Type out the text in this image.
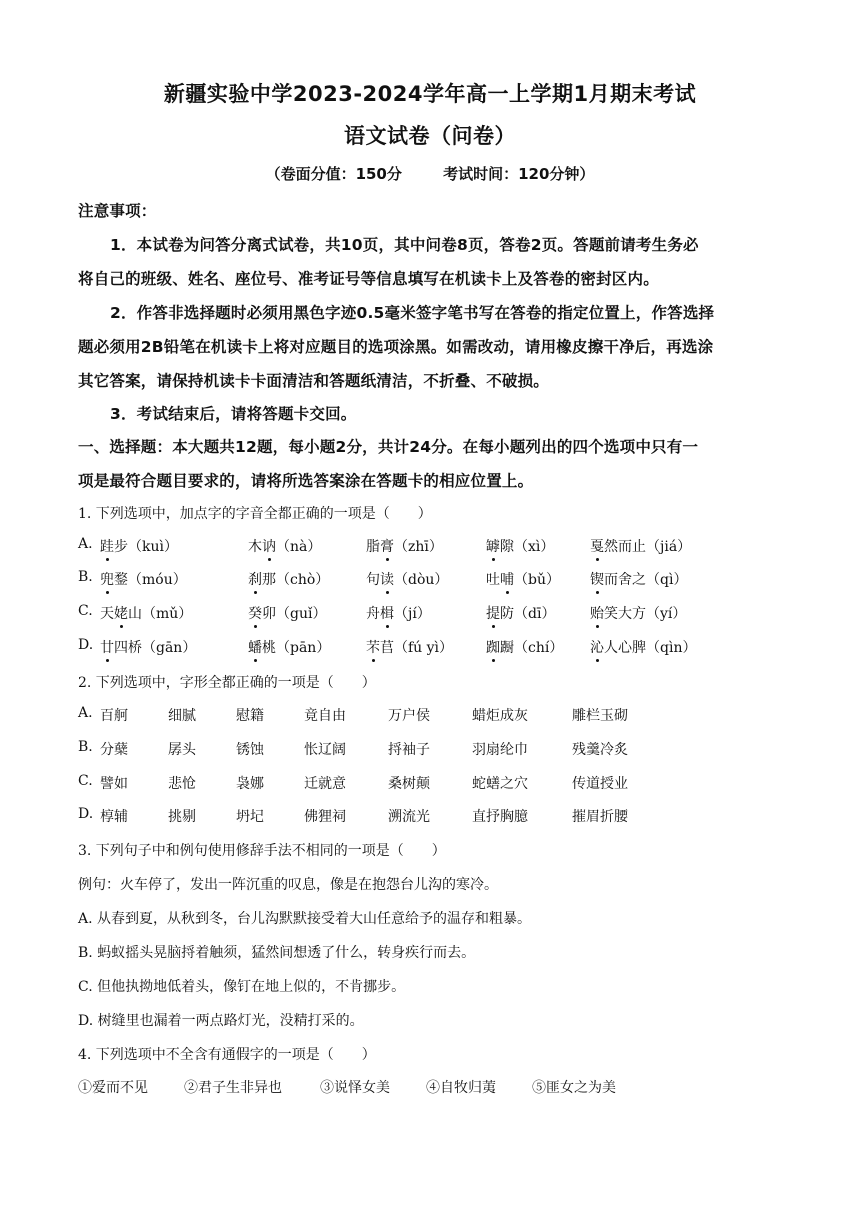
新疆实验中学2023-2024学年高一上学期1月期末考试
语文试卷（问卷）
（卷面分值：150分	考试时间：120分钟）
注意事项：
1．本试卷为问答分离式试卷，共10页，其中问卷8页，答卷2页。答题前请考生务必
将自己的班级、姓名、座位号、准考证号等信息填写在机读卡上及答卷的密封区内。
2．作答非选择题时必须用黑色字迹0.5毫米签字笔书写在答卷的指定位置上，作答选择
题必须用2B铅笔在机读卡上将对应题目的选项涂黑。如需改动，请用橡皮擦干净后，再选涂
其它答案，请保持机读卡卡面清洁和答题纸清洁，不折叠、不破损。
3．考试结束后，请将答题卡交回。
一、选择题：本大题共12题，每小题2分，共计24分。在每小题列出的四个选项中只有一
项是最符合题目要求的，请将所选答案涂在答题卡的相应位置上。
1. 下列选项中，加点字的字音全都正确的一项是（　　）
A. 跬步（kuì）	木讷（nà）	脂膏（zhī）	罅隙（xì）	戛然而止（jiá）
B. 兜鍪（móu）	刹那（chò）	句读（dòu）	吐哺（bǔ） 锲而舍之（qì）
C. 天姥山（mǔ）	癸卯（guǐ）	舟楫（jí）	提防（dī） 贻笑大方（yí）
D. 廿四桥（gān）	蟠桃（pān）	芣苢（fú yì） 踟蹰（chí） 沁人心脾（qìn）
2. 下列选项中，字形全都正确的一项是（　　）
A. 百舸	细腻	慰籍	竟自由	万户侯	蜡炬成灰	雕栏玉砌
B. 分蘖	孱头	锈蚀	怅辽阔	捋袖子	羽扇纶巾	残羹冷炙
C. 譬如	悲怆	袅娜	迁就意	桑树颠	蛇蟮之穴	传道授业
D. 椁辅	挑剔	坍圮	佛狸祠	溯流光	直抒胸臆	摧眉折腰
3. 下列句子中和例句使用修辞手法不相同的一项是（　　）
例句：火车停了，发出一阵沉重的叹息，像是在抱怨台儿沟的寒冷。
A. 从春到夏，从秋到冬，台儿沟默默接受着大山任意给予的温存和粗暴。
B. 蚂蚁摇头晃脑捋着触须，猛然间想透了什么，转身疾行而去。
C. 但他执拗地低着头，像钉在地上似的，不肯挪步。
D. 树缝里也漏着一两点路灯光，没精打采的。
4. 下列选项中不全含有通假字的一项是（　　）
①爱而不见	②君子生非异也	③说怿女美	④自牧归荑	⑤匪女之为美
